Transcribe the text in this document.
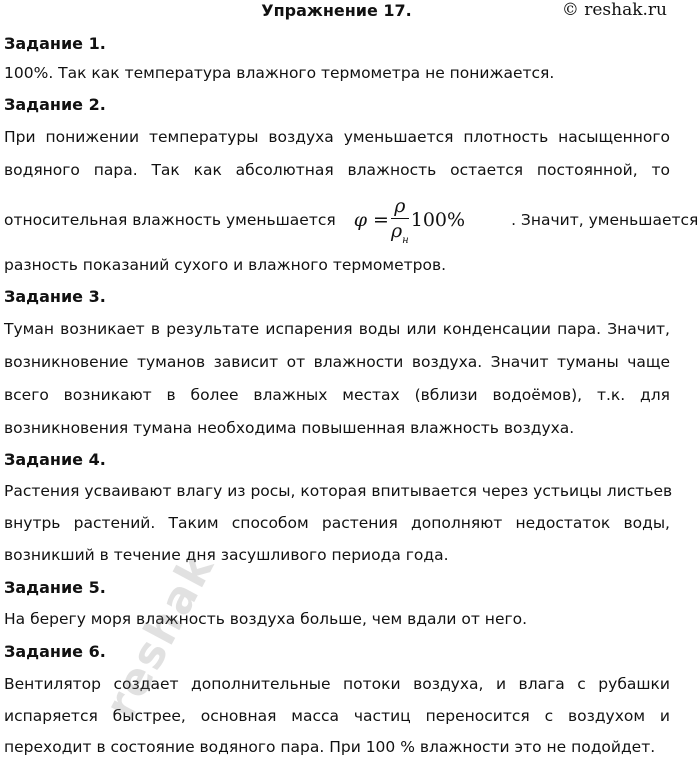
Упражнение 17.	© reshak.ru
Задание 1.
100%. Так как температура влажного термометра не понижается.
Задание 2.
При понижении температуры воздуха уменьшается плотность насыщенного
водяного пара. Так как абсолютная влажность остается постоянной, то
относительная влажность уменьшается $\varphi = \frac{\rho}{\rho_н} 100\%$	. Значит, уменьшается
разность показаний сухого и влажного термометров.
Задание 3.
Туман возникает в результате испарения воды или конденсации пара. Значит,
возникновение туманов зависит от влажности воздуха. Значит туманы чаще
всего возникают в более влажных местах (вблизи водоёмов), т.к. для
возникновения тумана необходима повышенная влажность воздуха.
Задание 4.
Растения усваивают влагу из росы, которая впитывается через устьицы листьев
внутрь растений. Таким способом растения дополняют недостаток воды,
возникший в течение дня засушливого периода года.
Задание 5.
На берегу моря влажность воздуха больше, чем вдали от него.
Задание 6.
Вентилятор создает дополнительные потоки воздуха, и влага с рубашки
испаряется быстрее, основная масса частиц переносится с воздухом и
переходит в состояние водяного пара. При 100 % влажности это не подойдет.
reshak
